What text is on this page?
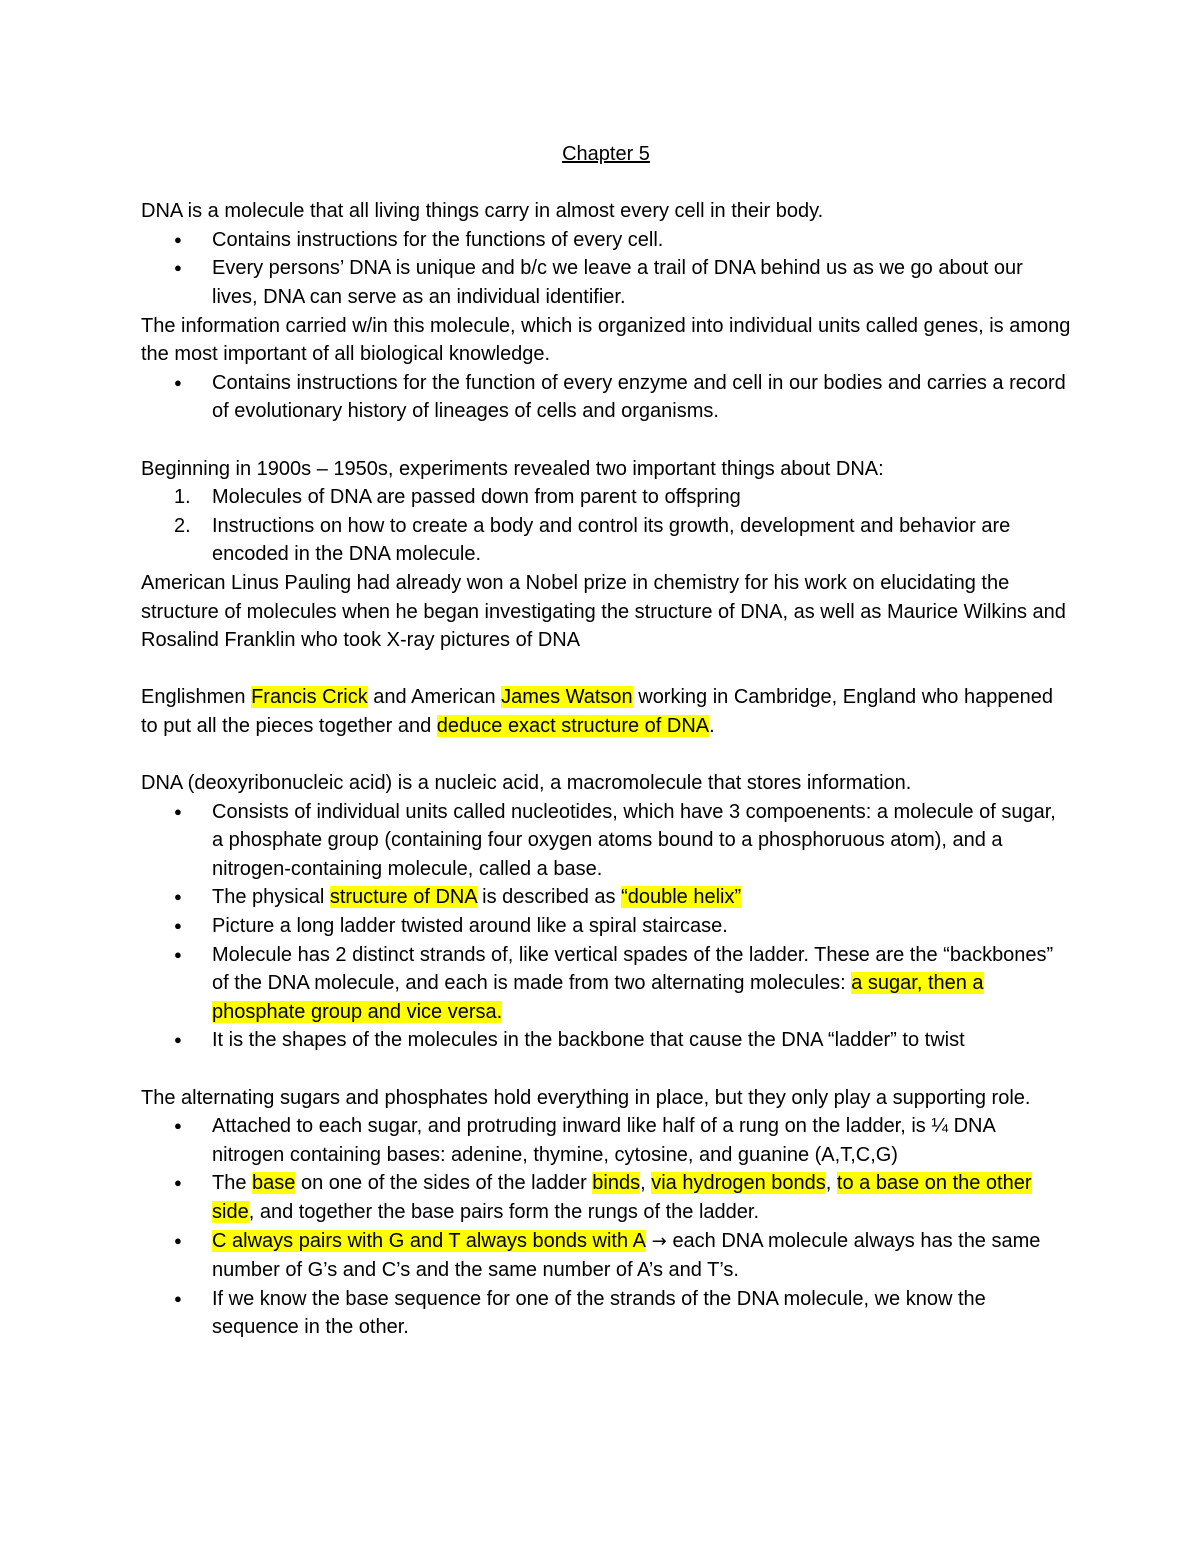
Chapter 5

DNA is a molecule that all living things carry in almost every cell in their body.

● Contains instructions for the functions of every cell.
● Every persons’ DNA is unique and b/c we leave a trail of DNA behind us as we go about our lives, DNA can serve as an individual identifier.

The information carried w/in this molecule, which is organized into individual units called genes, is among the most important of all biological knowledge.

● Contains instructions for the function of every enzyme and cell in our bodies and carries a record of evolutionary history of lineages of cells and organisms.

Beginning in 1900s – 1950s, experiments revealed two important things about DNA:

1. Molecules of DNA are passed down from parent to offspring
2. Instructions on how to create a body and control its growth, development and behavior are encoded in the DNA molecule.

American Linus Pauling had already won a Nobel prize in chemistry for his work on elucidating the structure of molecules when he began investigating the structure of DNA, as well as Maurice Wilkins and Rosalind Franklin who took X-ray pictures of DNA

Englishmen Francis Crick and American James Watson working in Cambridge, England who happened to put all the pieces together and deduce exact structure of DNA.

DNA (deoxyribonucleic acid) is a nucleic acid, a macromolecule that stores information.

● Consists of individual units called nucleotides, which have 3 compoenents: a molecule of sugar, a phosphate group (containing four oxygen atoms bound to a phosphoruous atom), and a nitrogen-containing molecule, called a base.
● The physical structure of DNA is described as “double helix”
● Picture a long ladder twisted around like a spiral staircase.
● Molecule has 2 distinct strands of, like vertical spades of the ladder. These are the “backbones” of the DNA molecule, and each is made from two alternating molecules: a sugar, then a phosphate group and vice versa.
● It is the shapes of the molecules in the backbone that cause the DNA “ladder” to twist

The alternating sugars and phosphates hold everything in place, but they only play a supporting role.

● Attached to each sugar, and protruding inward like half of a rung on the ladder, is ¼ DNA nitrogen containing bases: adenine, thymine, cytosine, and guanine (A,T,C,G)
● The base on one of the sides of the ladder binds, via hydrogen bonds, to a base on the other side, and together the base pairs form the rungs of the ladder.
● C always pairs with G and T always bonds with A → each DNA molecule always has the same number of G’s and C’s and the same number of A’s and T’s.
● If we know the base sequence for one of the strands of the DNA molecule, we know the sequence in the other.
